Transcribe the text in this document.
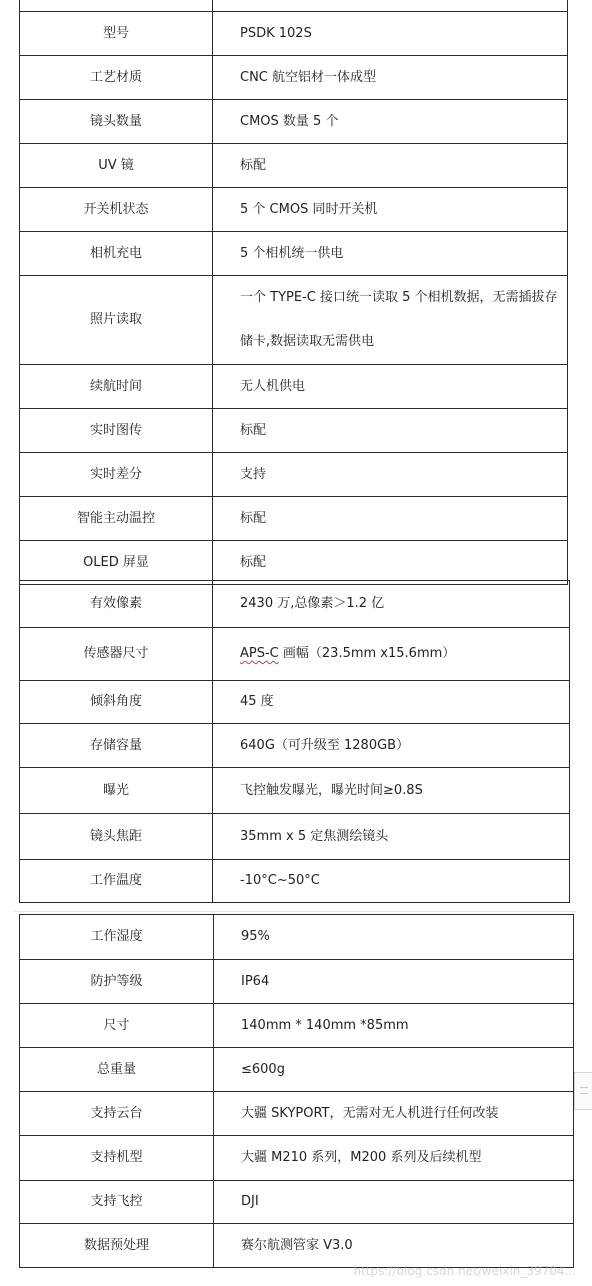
型号	PSDK 102S
工艺材质	CNC 航空铝材一体成型
镜头数量	CMOS 数量 5 个
UV 镜	标配
开关机状态	5 个 CMOS 同时开关机
相机充电	5 个相机统一供电
照片读取	一个 TYPE-C 接口统一读取 5 个相机数据，无需插拔存储卡,数据读取无需供电
续航时间	无人机供电
实时图传	标配
实时差分	支持
智能主动温控	标配
OLED 屏显	标配
有效像素	2430 万,总像素＞1.2 亿
传感器尺寸	APS-C 画幅（23.5mm x15.6mm）
倾斜角度	45 度
存储容量	640G（可升级至 1280GB）
曝光	飞控触发曝光，曝光时间≥0.8S
镜头焦距	35mm x 5 定焦测绘镜头
工作温度	-10°C~50°C
工作湿度	95%
防护等级	IP64
尺寸	140mm * 140mm *85mm
总重量	≤600g
支持云台	大疆 SKYPORT，无需对无人机进行任何改装
支持机型	大疆 M210 系列，M200 系列及后续机型
支持飞控	DJI
数据预处理	赛尔航测管家 V3.0
https://blog.csdn.net/weixin_39704...
